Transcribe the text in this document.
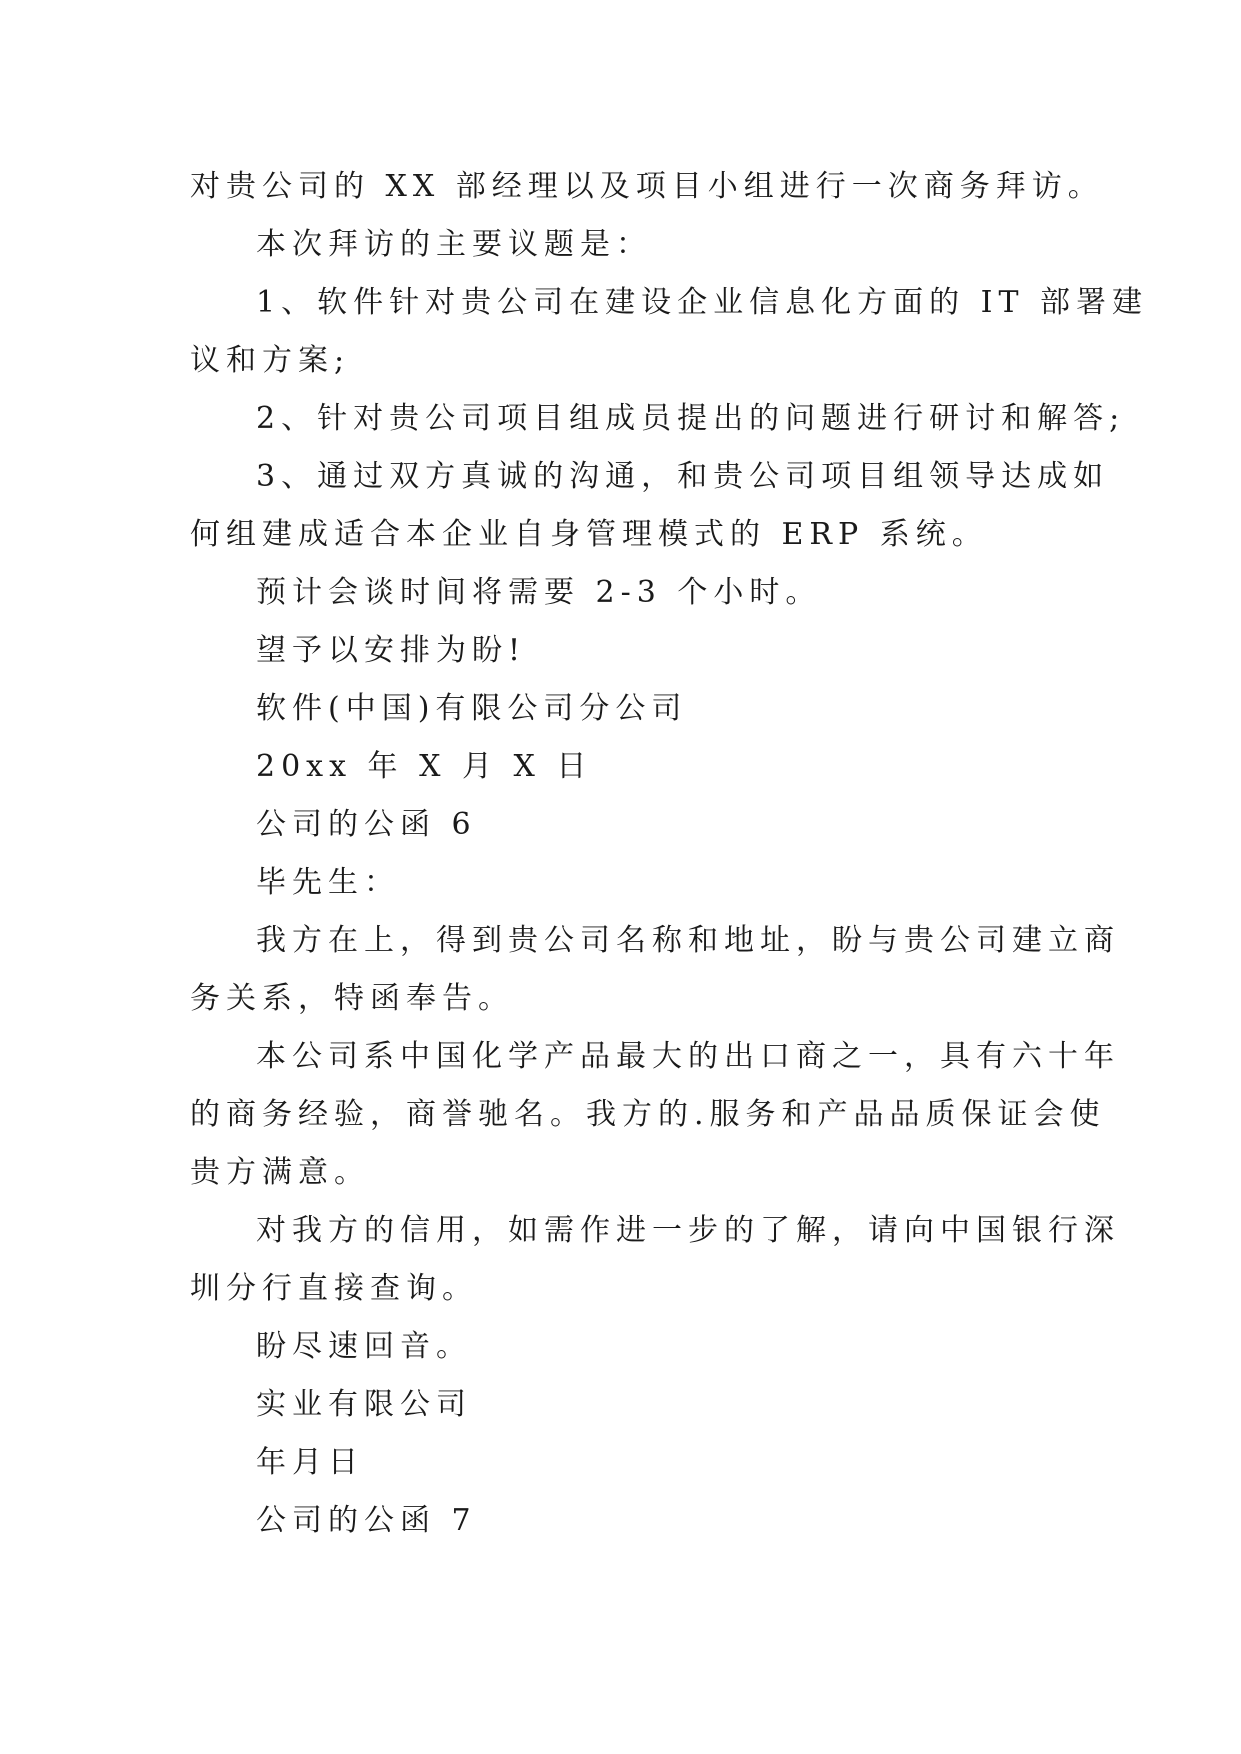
对贵公司的 XX 部经理以及项目小组进行一次商务拜访。
本次拜访的主要议题是：
1、软件针对贵公司在建设企业信息化方面的 IT 部署建
议和方案;
2、针对贵公司项目组成员提出的问题进行研讨和解答;
3、通过双方真诚的沟通，和贵公司项目组领导达成如
何组建成适合本企业自身管理模式的 ERP 系统。
预计会谈时间将需要 2-3 个小时。
望予以安排为盼!
软件(中国)有限公司分公司
20xx 年 X 月 X 日
公司的公函 6
毕先生：
我方在上，得到贵公司名称和地址，盼与贵公司建立商
务关系，特函奉告。
本公司系中国化学产品最大的出口商之一，具有六十年
的商务经验，商誉驰名。我方的.服务和产品品质保证会使
贵方满意。
对我方的信用，如需作进一步的了解，请向中国银行深
圳分行直接查询。
盼尽速回音。
实业有限公司
年月日
公司的公函 7
